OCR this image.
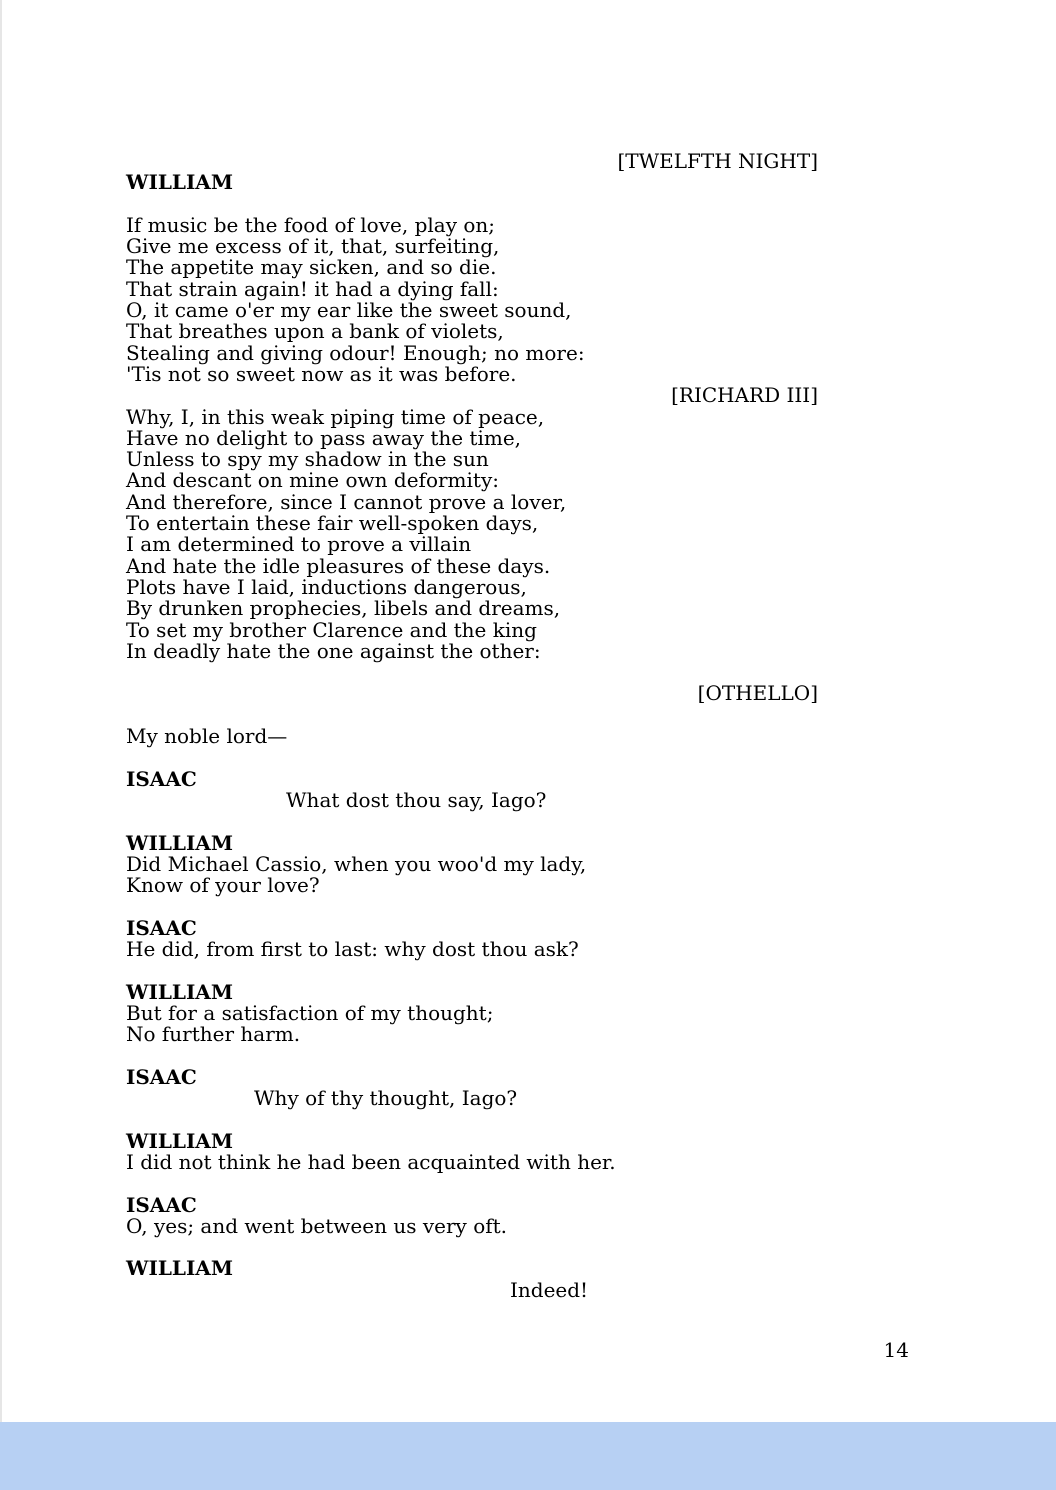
[TWELFTH NIGHT]
WILLIAM
If music be the food of love, play on;
Give me excess of it, that, surfeiting,
The appetite may sicken, and so die.
That strain again! it had a dying fall:
O, it came o'er my ear like the sweet sound,
That breathes upon a bank of violets,
Stealing and giving odour! Enough; no more:
'Tis not so sweet now as it was before.
[RICHARD III]
Why, I, in this weak piping time of peace,
Have no delight to pass away the time,
Unless to spy my shadow in the sun
And descant on mine own deformity:
And therefore, since I cannot prove a lover,
To entertain these fair well-spoken days,
I am determined to prove a villain
And hate the idle pleasures of these days.
Plots have I laid, inductions dangerous,
By drunken prophecies, libels and dreams,
To set my brother Clarence and the king
In deadly hate the one against the other:
[OTHELLO]
My noble lord—
ISAAC
What dost thou say, Iago?
WILLIAM
Did Michael Cassio, when you woo'd my lady,
Know of your love?
ISAAC
He did, from first to last: why dost thou ask?
WILLIAM
But for a satisfaction of my thought;
No further harm.
ISAAC
Why of thy thought, Iago?
WILLIAM
I did not think he had been acquainted with her.
ISAAC
O, yes; and went between us very oft.
WILLIAM
Indeed!
14
